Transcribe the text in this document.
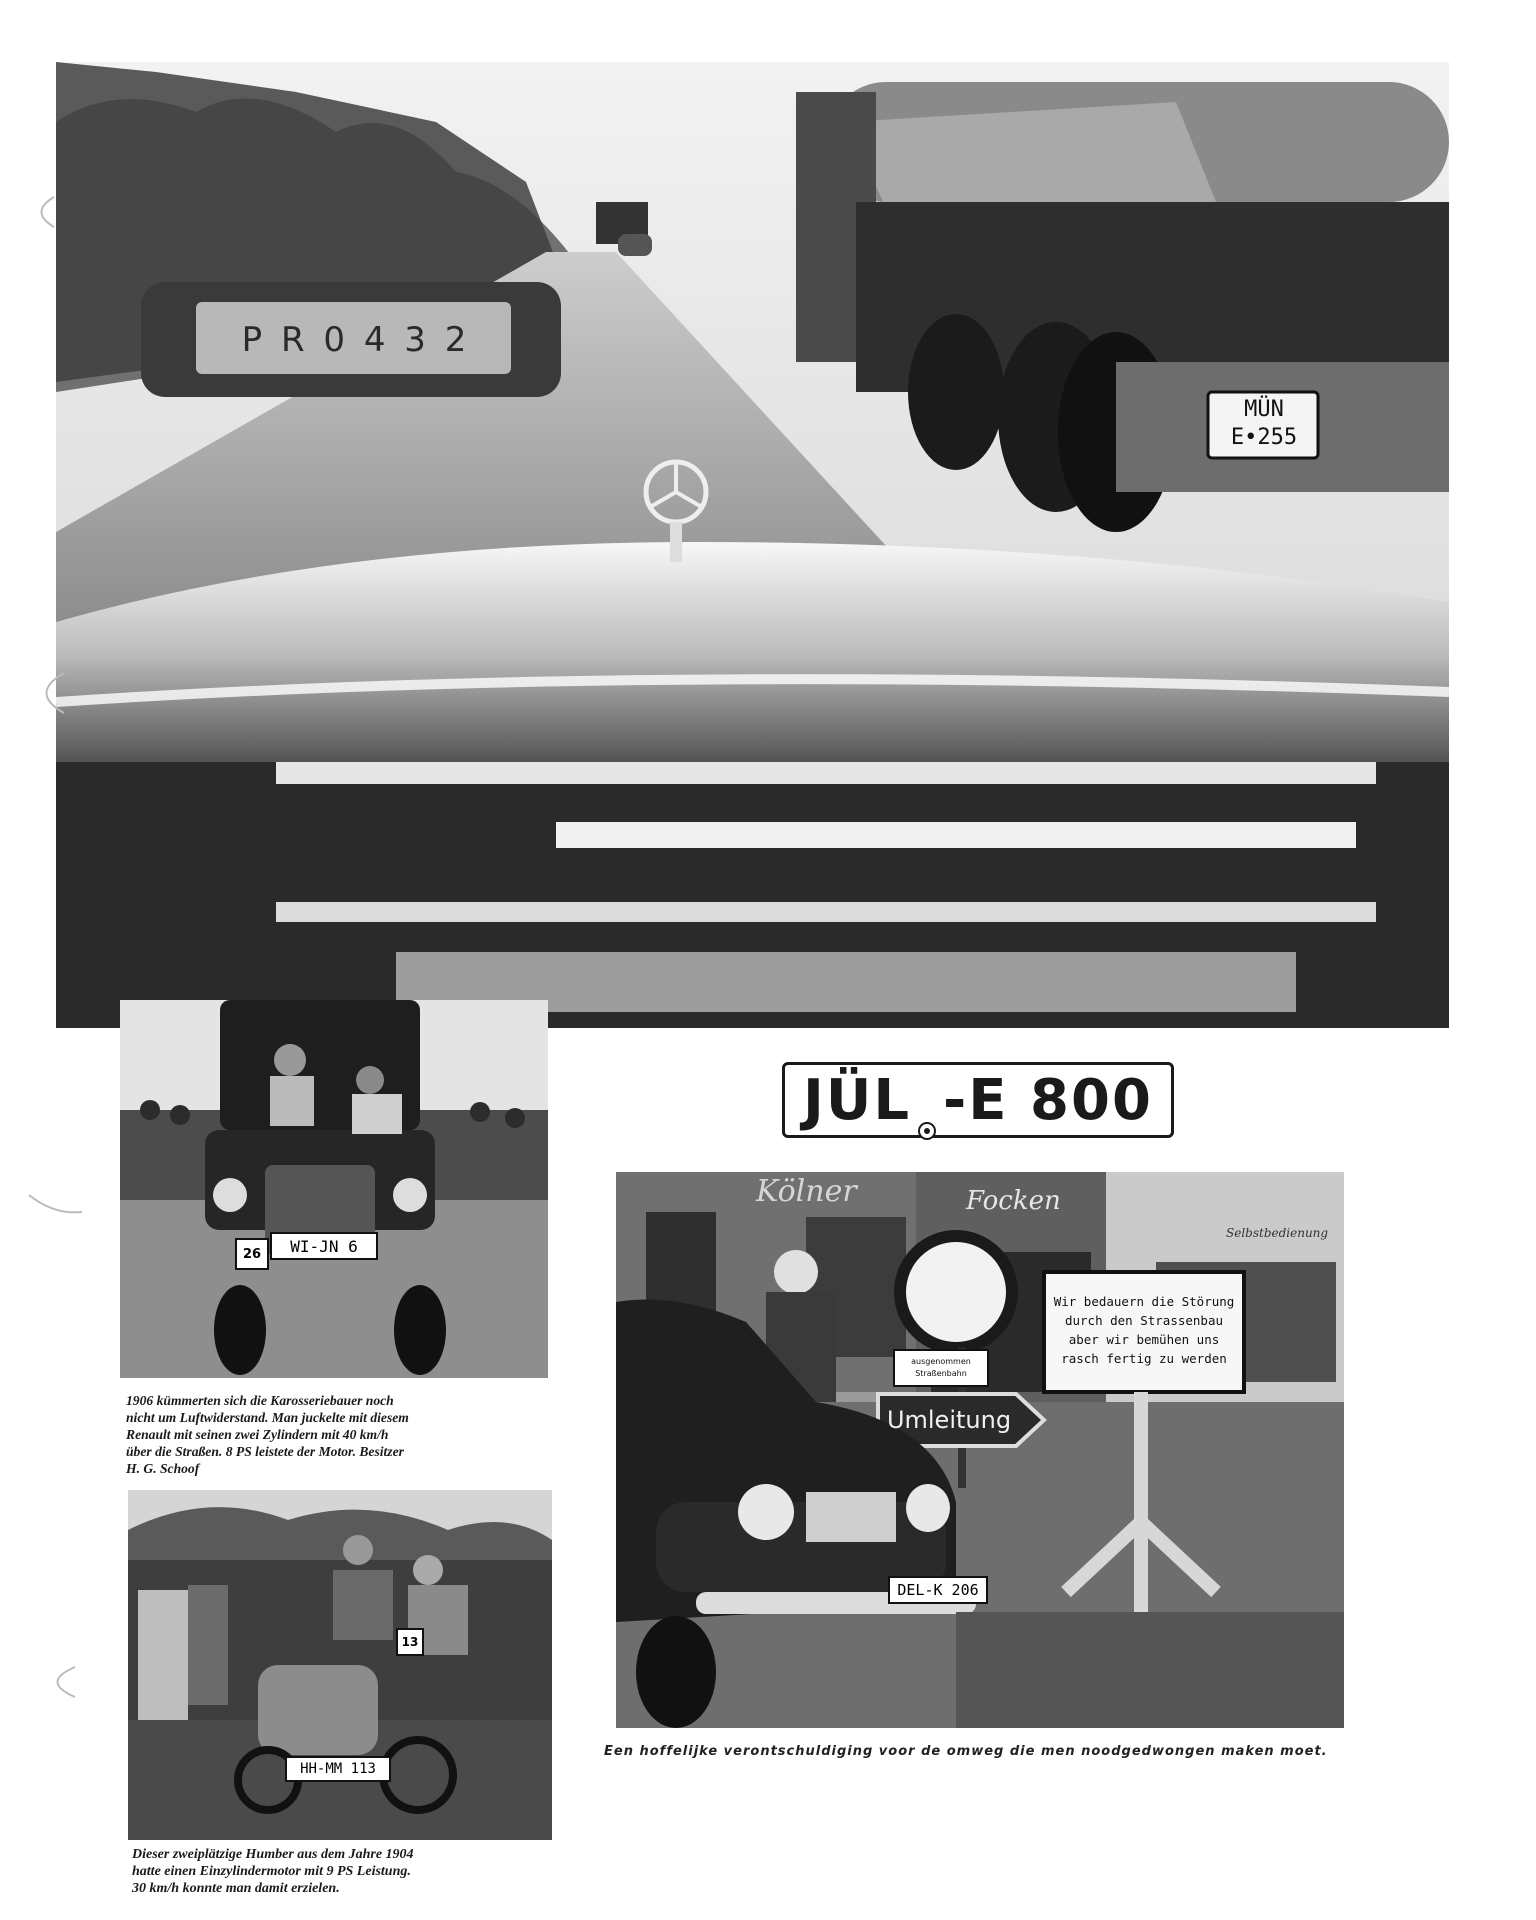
P R 0 4 3 2
MÜN
E•255
JÜL -E 800
26	WI-JN 6
1906 kümmerten sich die Karosseriebauer noch
nicht um Luftwiderstand. Man juckelte mit diesem
Renault mit seinen zwei Zylindern mit 40 km/h
über die Straßen. 8 PS leistete der Motor. Besitzer
H. G. Schoof
13
HH-MM 113
Dieser zweiplätzige Humber aus dem Jahre 1904
hatte einen Einzylindermotor mit 9 PS Leistung.
30 km/h konnte man damit erzielen.
Kölner	Focken
Selbstbedienung
Wir bedauern die Störung
durch den Strassenbau
aber wir bemühen uns
rasch fertig zu werden
ausgenommen
Straßenbahn
Umleitung
DEL-K 206
Een hoffelijke verontschuldiging voor de omweg die men noodgedwongen maken moet.
